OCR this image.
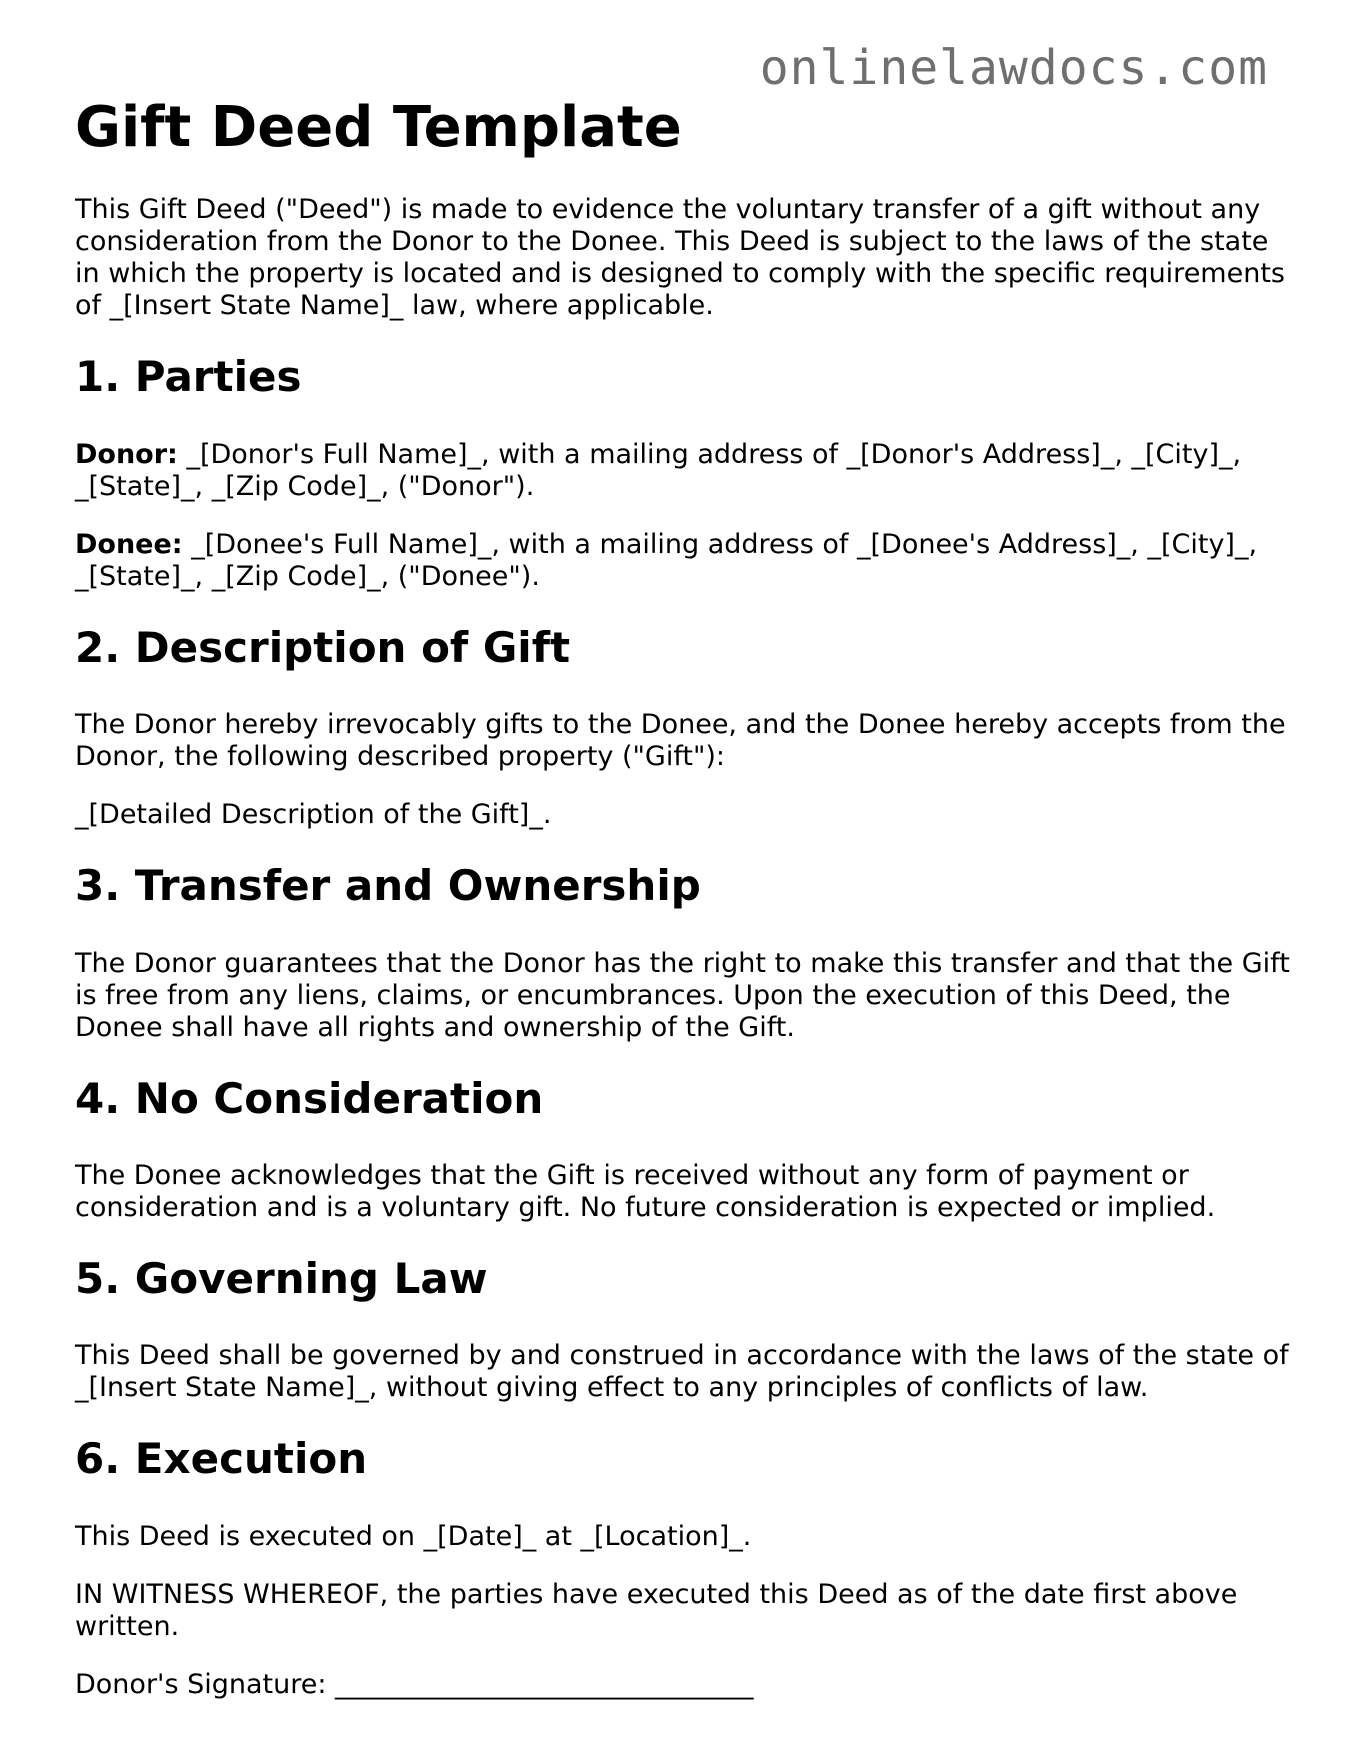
onlinelawdocs.com
Gift Deed Template

This Gift Deed ("Deed") is made to evidence the voluntary transfer of a gift without any consideration from the Donor to the Donee. This Deed is subject to the laws of the state in which the property is located and is designed to comply with the specific requirements of _[Insert State Name]_ law, where applicable.

1. Parties

Donor: _[Donor's Full Name]_, with a mailing address of _[Donor's Address]_, _[City]_, _[State]_, _[Zip Code]_, ("Donor").

Donee: _[Donee's Full Name]_, with a mailing address of _[Donee's Address]_, _[City]_, _[State]_, _[Zip Code]_, ("Donee").

2. Description of Gift

The Donor hereby irrevocably gifts to the Donee, and the Donee hereby accepts from the Donor, the following described property ("Gift"):

_[Detailed Description of the Gift]_.

3. Transfer and Ownership

The Donor guarantees that the Donor has the right to make this transfer and that the Gift is free from any liens, claims, or encumbrances. Upon the execution of this Deed, the Donee shall have all rights and ownership of the Gift.

4. No Consideration

The Donee acknowledges that the Gift is received without any form of payment or consideration and is a voluntary gift. No future consideration is expected or implied.

5. Governing Law

This Deed shall be governed by and construed in accordance with the laws of the state of _[Insert State Name]_, without giving effect to any principles of conflicts of law.

6. Execution

This Deed is executed on _[Date]_ at _[Location]_.

IN WITNESS WHEREOF, the parties have executed this Deed as of the date first above written.

Donor's Signature: _______________________________
